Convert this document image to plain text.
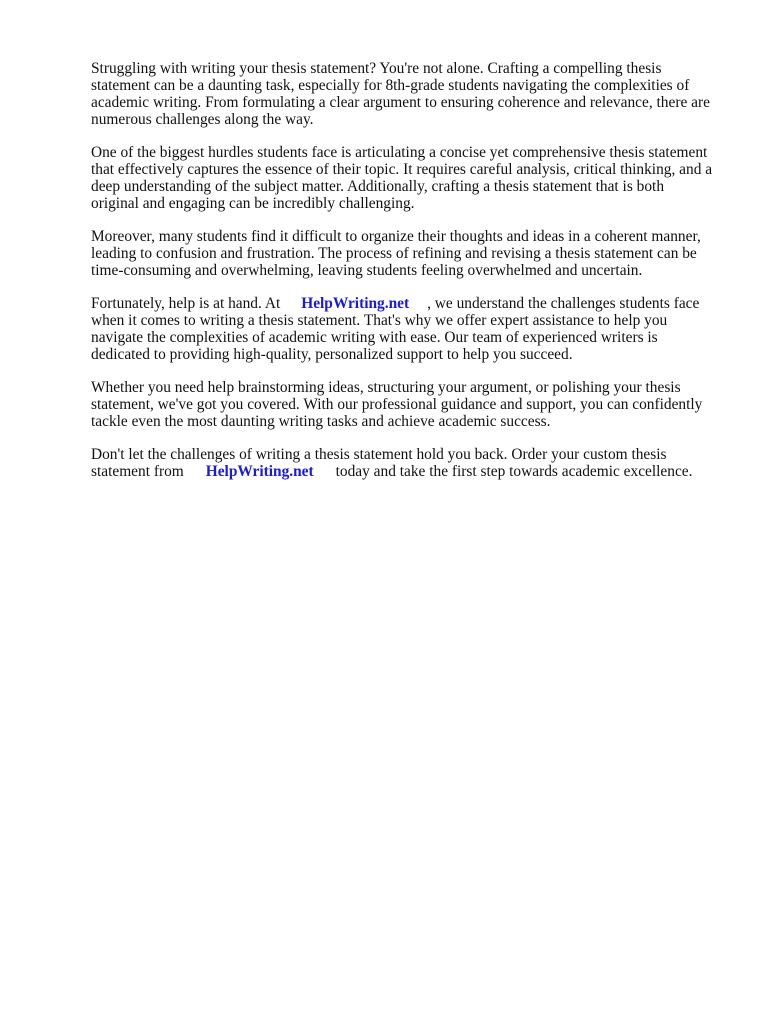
Struggling with writing your thesis statement? You're not alone. Crafting a compelling thesis
statement can be a daunting task, especially for 8th-grade students navigating the complexities of
academic writing. From formulating a clear argument to ensuring coherence and relevance, there are
numerous challenges along the way.

One of the biggest hurdles students face is articulating a concise yet comprehensive thesis statement
that effectively captures the essence of their topic. It requires careful analysis, critical thinking, and a
deep understanding of the subject matter. Additionally, crafting a thesis statement that is both
original and engaging can be incredibly challenging.

Moreover, many students find it difficult to organize their thoughts and ideas in a coherent manner,
leading to confusion and frustration. The process of refining and revising a thesis statement can be
time-consuming and overwhelming, leaving students feeling overwhelmed and uncertain.

Fortunately, help is at hand. At HelpWriting.net , we understand the challenges students face
when it comes to writing a thesis statement. That's why we offer expert assistance to help you
navigate the complexities of academic writing with ease. Our team of experienced writers is
dedicated to providing high-quality, personalized support to help you succeed.

Whether you need help brainstorming ideas, structuring your argument, or polishing your thesis
statement, we've got you covered. With our professional guidance and support, you can confidently
tackle even the most daunting writing tasks and achieve academic success.

Don't let the challenges of writing a thesis statement hold you back. Order your custom thesis
statement from HelpWriting.net today and take the first step towards academic excellence.
